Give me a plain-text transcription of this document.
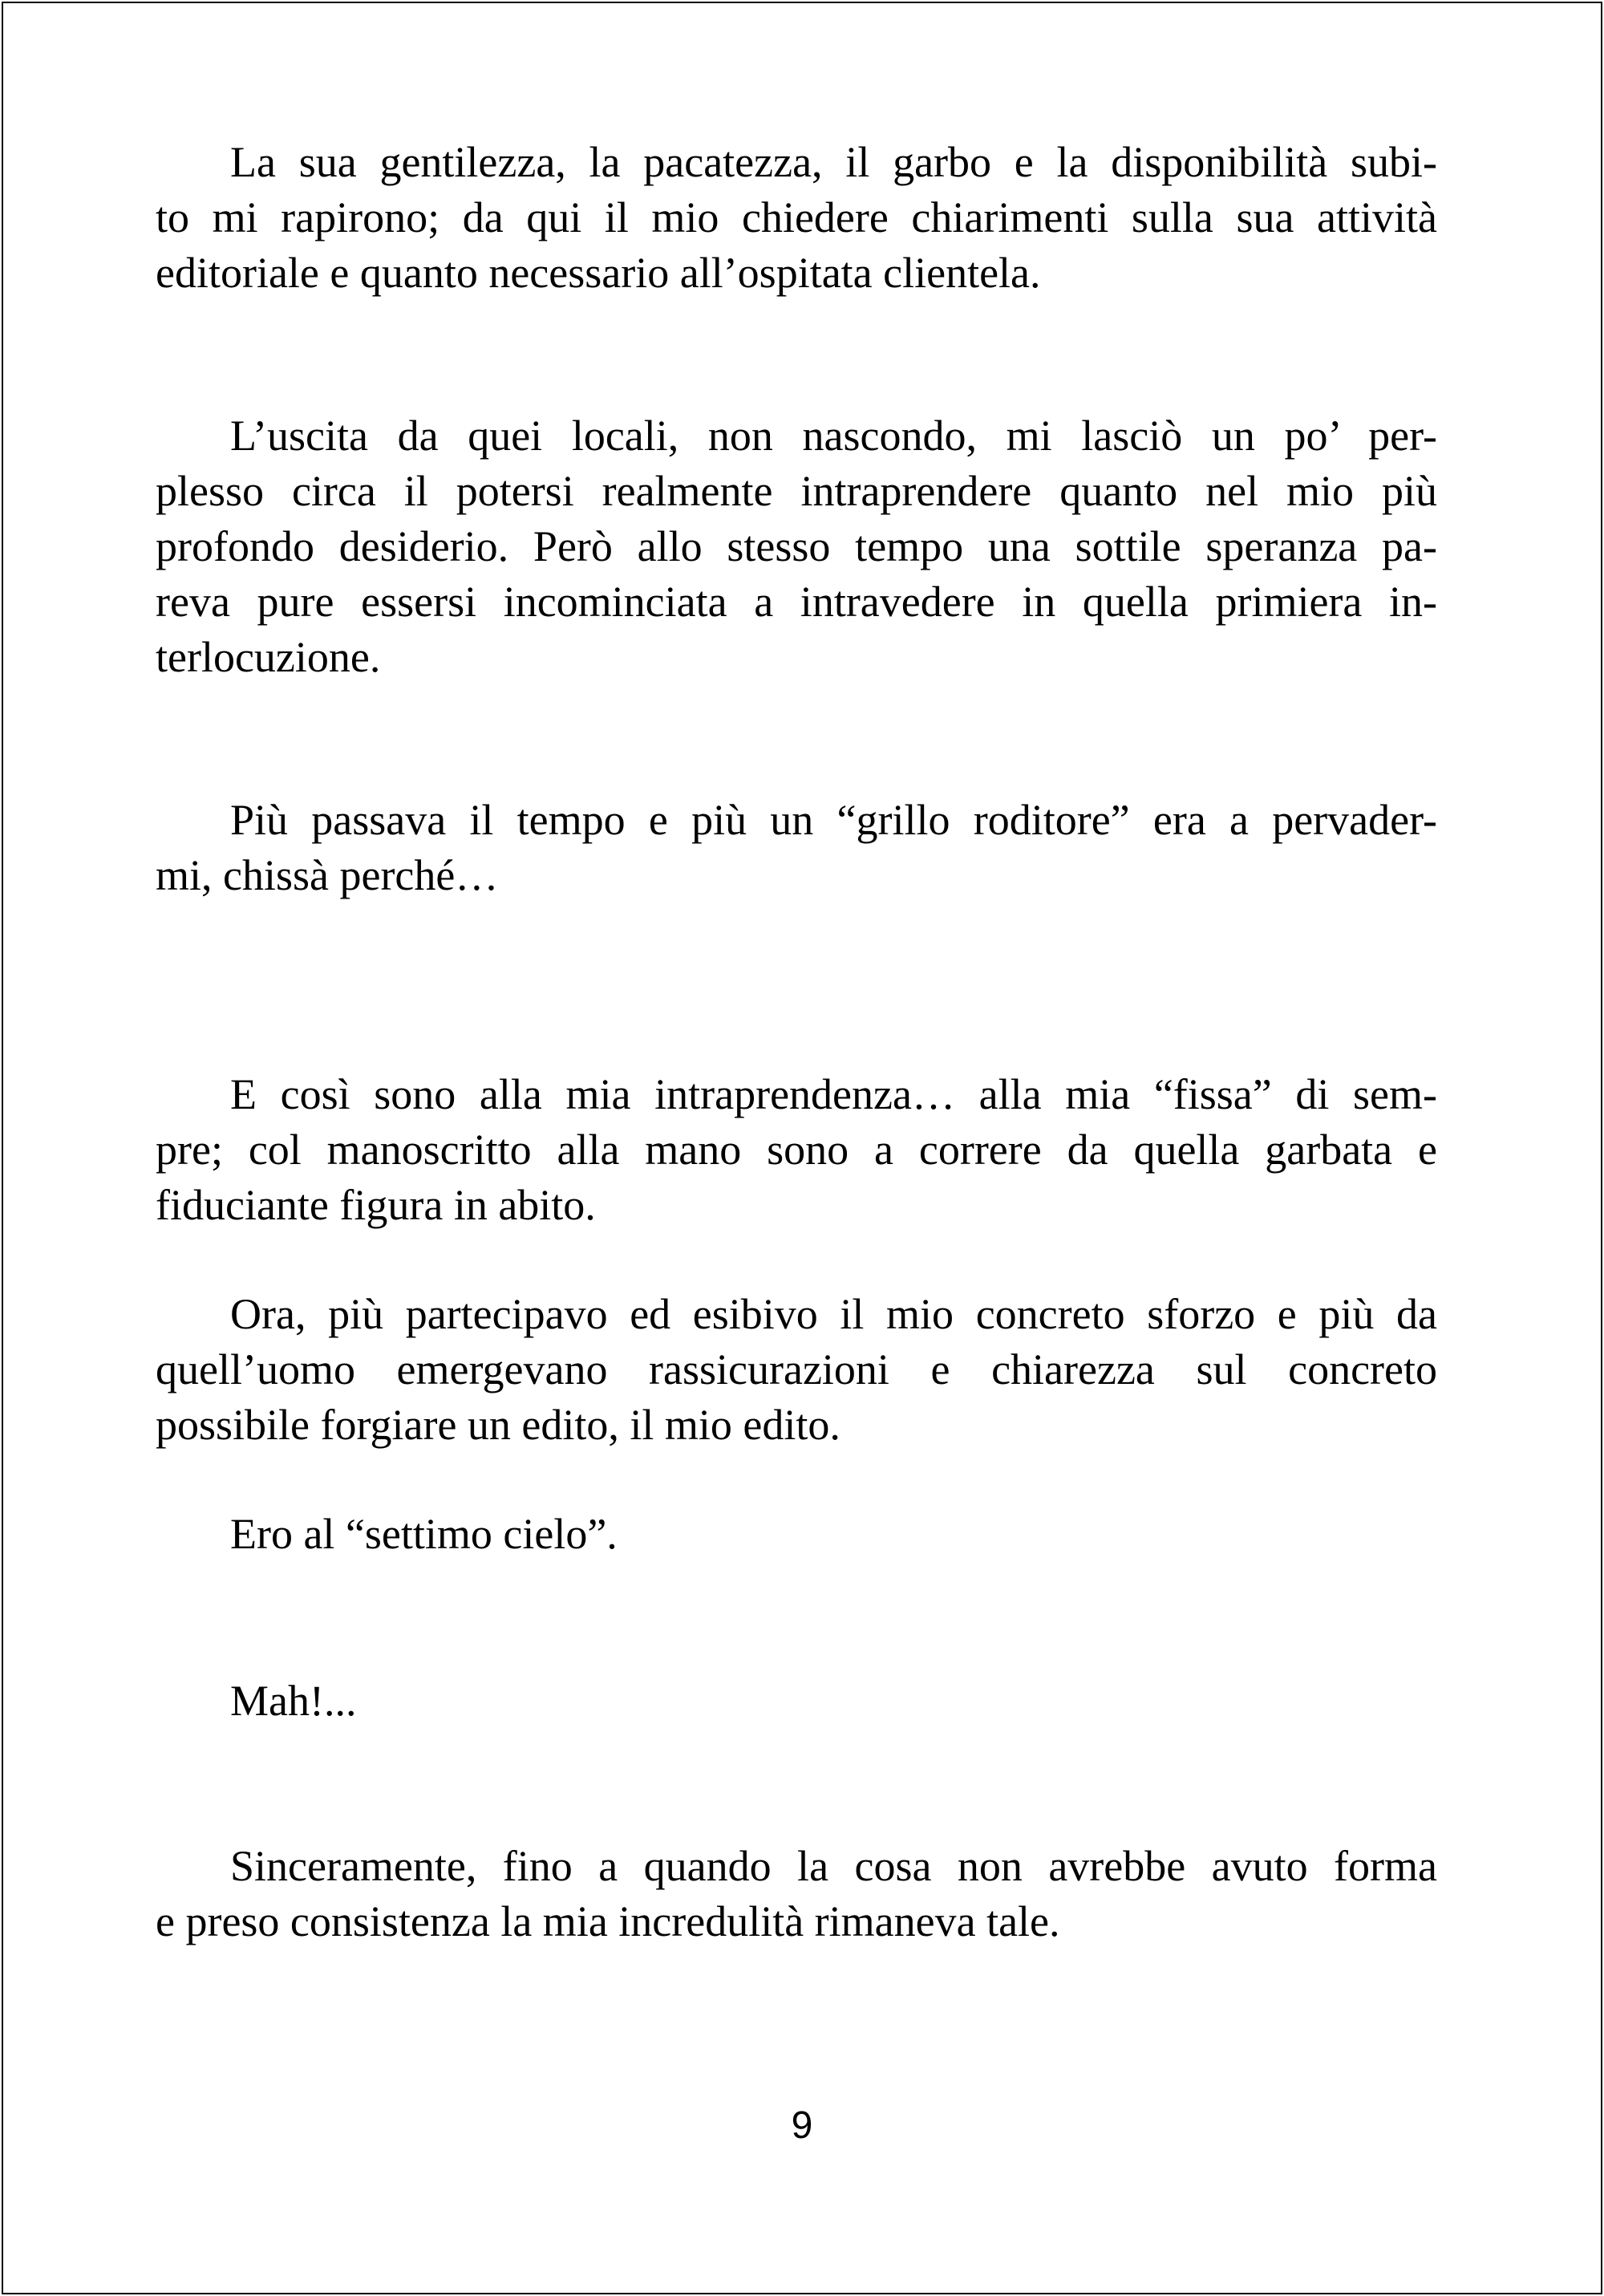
La sua gentilezza, la pacatezza, il garbo e la disponibilità subi-
to mi rapirono; da qui il mio chiedere chiarimenti sulla sua attività
editoriale e quanto necessario all’ospitata clientela.
L’uscita da quei locali, non nascondo, mi lasciò un po’ per-
plesso circa il potersi realmente intraprendere quanto nel mio più
profondo desiderio. Però allo stesso tempo una sottile speranza pa-
reva pure essersi incominciata a intravedere in quella primiera in-
terlocuzione.
Più passava il tempo e più un “grillo roditore” era a pervader-
mi, chissà perché…
E così sono alla mia intraprendenza… alla mia “fissa” di sem-
pre; col manoscritto alla mano sono a correre da quella garbata e
fiduciante figura in abito.
Ora, più partecipavo ed esibivo il mio concreto sforzo e più da
quell’uomo emergevano rassicurazioni e chiarezza sul concreto
possibile forgiare un edito, il mio edito.
Ero al “settimo cielo”.
Mah!...
Sinceramente, fino a quando la cosa non avrebbe avuto forma
e preso consistenza la mia incredulità rimaneva tale.
9
